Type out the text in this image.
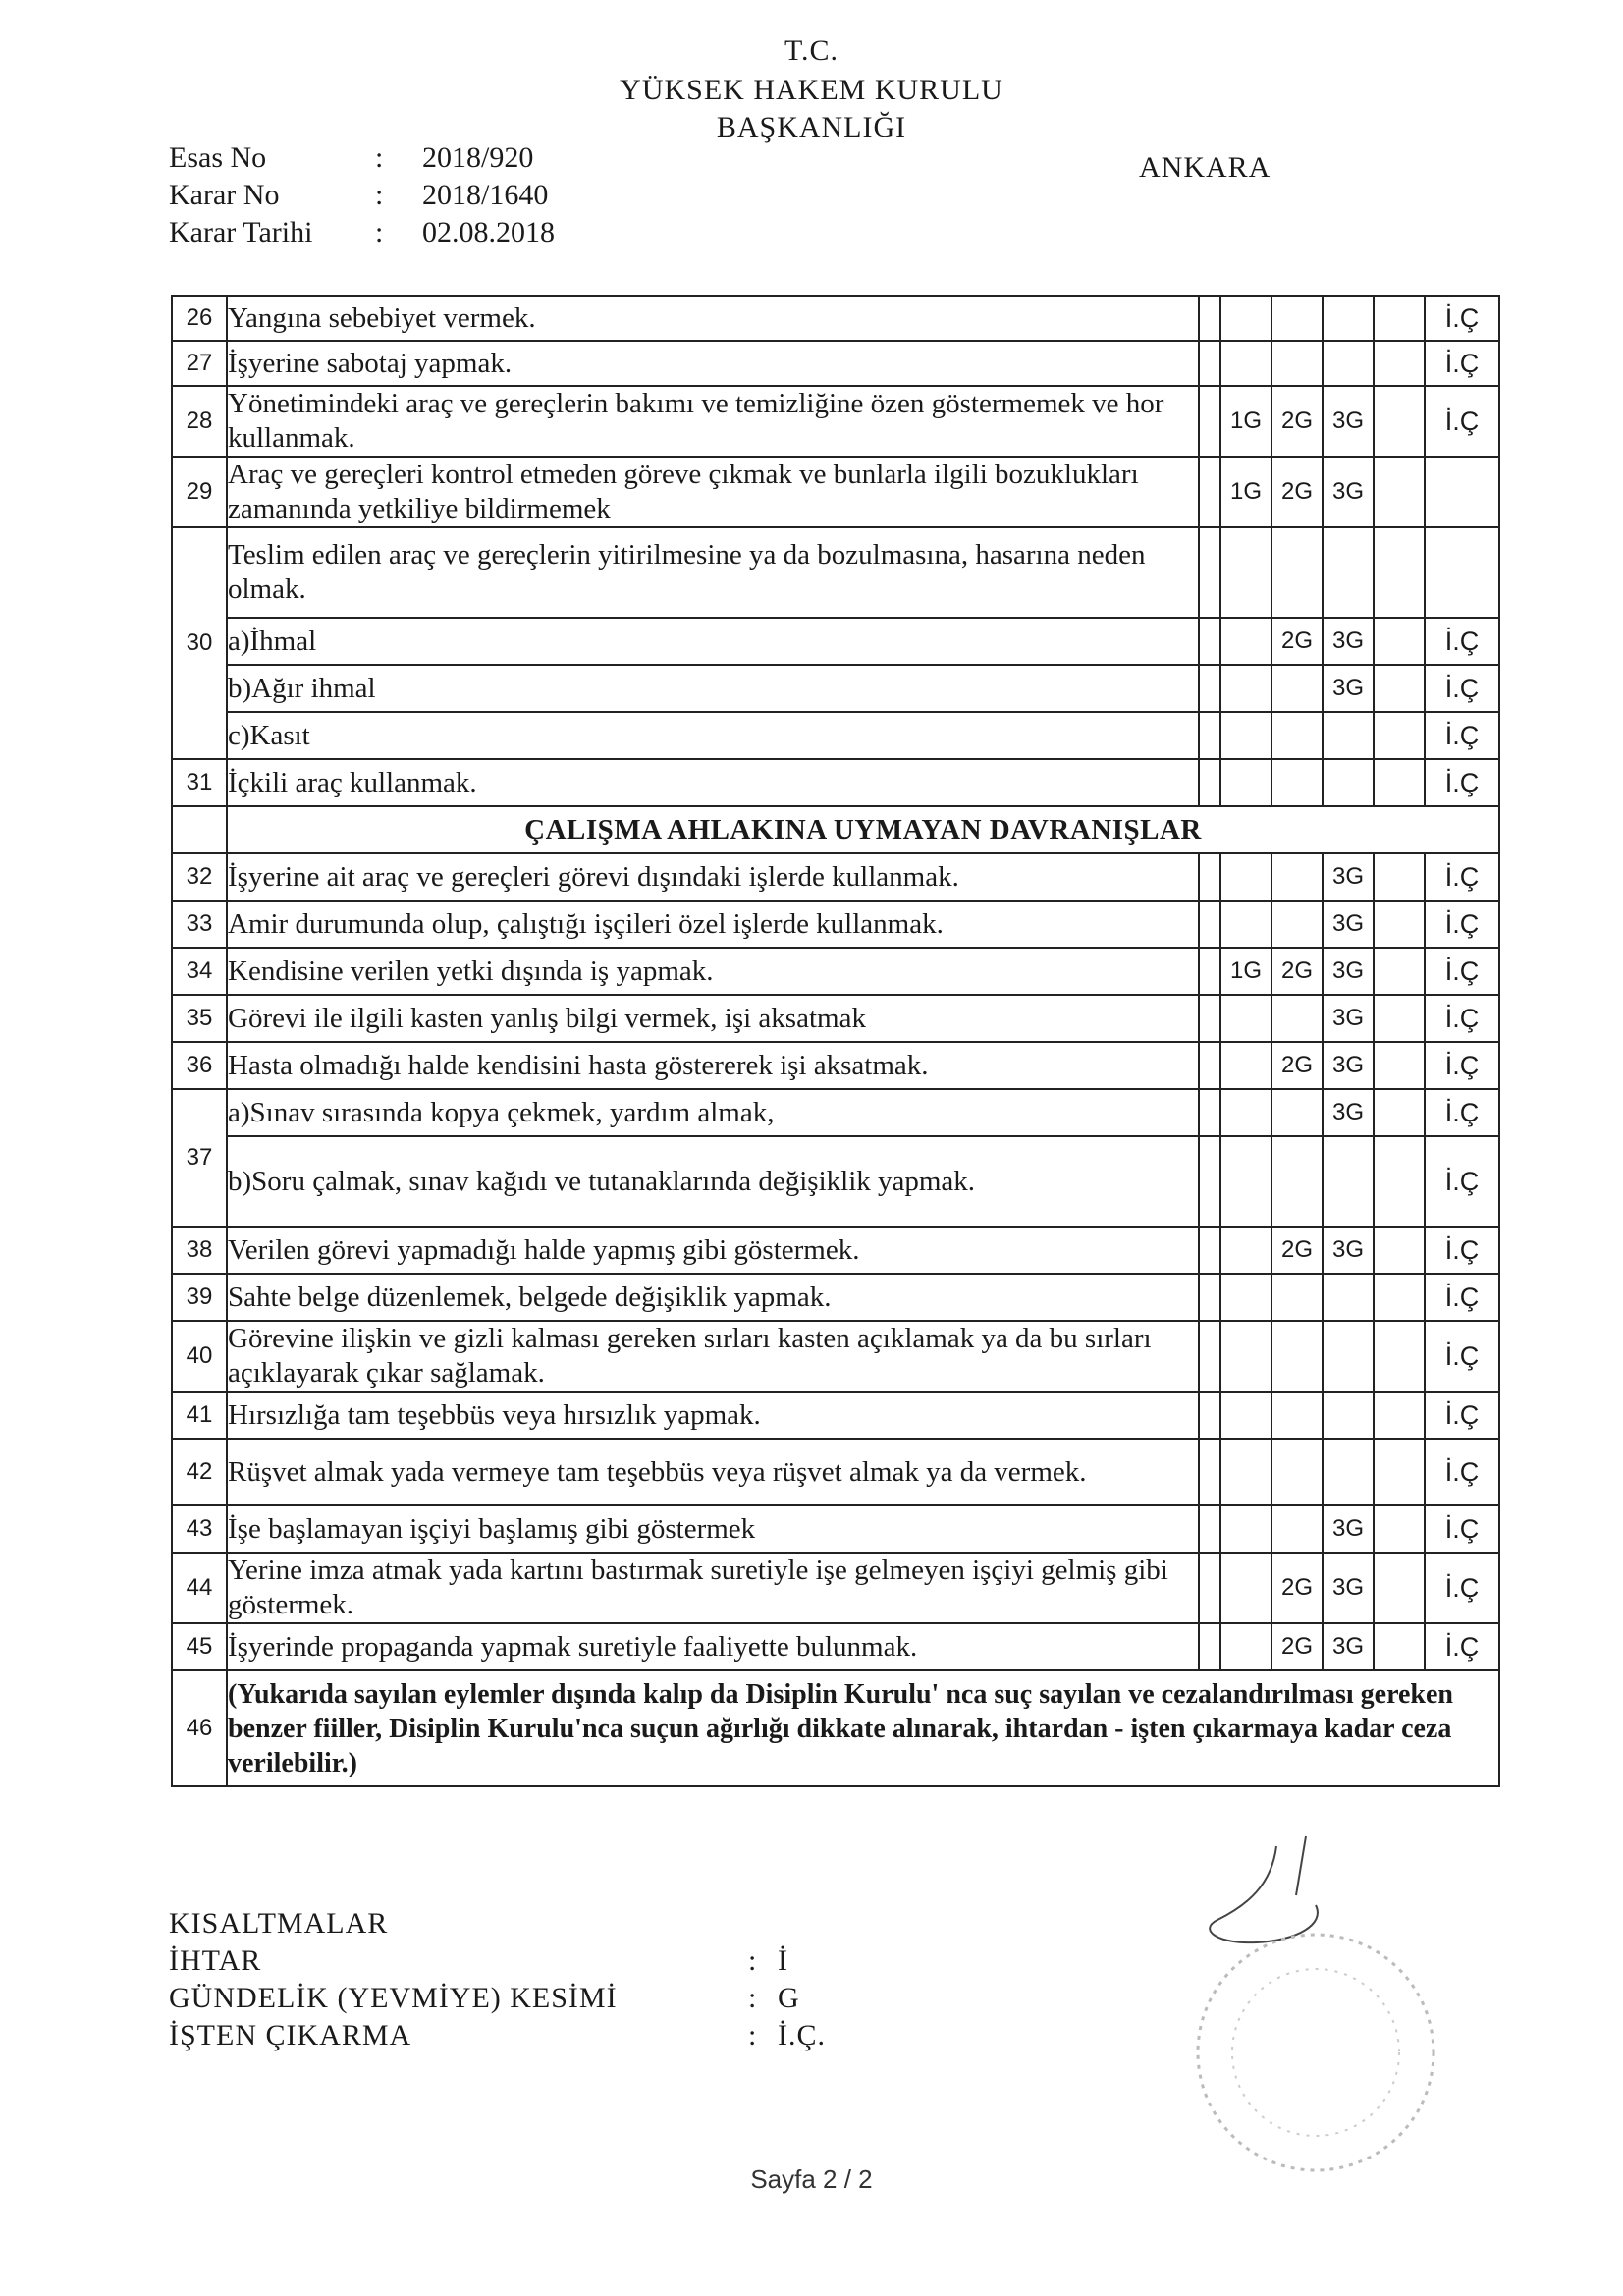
T.C.
YÜKSEK HAKEM KURULU
BAŞKANLIĞI
Esas No	:	2018/920
Karar No	:	2018/1640
Karar Tarihi	:	02.08.2018
ANKARA
26	Yangına sebebiyet vermek.						İ.Ç
27	İşyerine sabotaj yapmak.						İ.Ç
28	Yönetimindeki araç ve gereçlerin bakımı ve temizliğine özen göstermemek ve hor kullanmak.		1G	2G	3G		İ.Ç
29	Araç ve gereçleri kontrol etmeden göreve çıkmak ve bunlarla ilgili bozuklukları zamanında yetkiliye bildirmemek		1G	2G	3G		
30	Teslim edilen araç ve gereçlerin yitirilmesine ya da bozulmasına, hasarına neden olmak.						
	a)İhmal			2G	3G		İ.Ç
	b)Ağır ihmal				3G		İ.Ç
	c)Kasıt						İ.Ç
31	İçkili araç kullanmak.						İ.Ç
	ÇALIŞMA AHLAKINA UYMAYAN DAVRANIŞLAR						
32	İşyerine ait araç ve gereçleri görevi dışındaki işlerde kullanmak.				3G		İ.Ç
33	Amir durumunda olup, çalıştığı işçileri özel işlerde kullanmak.				3G		İ.Ç
34	Kendisine verilen yetki dışında iş yapmak.		1G	2G	3G		İ.Ç
35	Görevi ile ilgili kasten yanlış bilgi vermek, işi aksatmak				3G		İ.Ç
36	Hasta olmadığı halde kendisini hasta göstererek işi aksatmak.			2G	3G		İ.Ç
37	a)Sınav sırasında kopya çekmek, yardım almak,				3G		İ.Ç
	b)Soru çalmak, sınav kağıdı ve tutanaklarında değişiklik yapmak.						İ.Ç
38	Verilen görevi yapmadığı halde yapmış gibi göstermek.			2G	3G		İ.Ç
39	Sahte belge düzenlemek, belgede değişiklik yapmak.						İ.Ç
40	Görevine ilişkin ve gizli kalması gereken sırları kasten açıklamak ya da bu sırları açıklayarak çıkar sağlamak.						İ.Ç
41	Hırsızlığa tam teşebbüs veya hırsızlık yapmak.						İ.Ç
42	Rüşvet almak yada vermeye tam teşebbüs veya rüşvet almak ya da vermek.						İ.Ç
43	İşe başlamayan işçiyi başlamış gibi göstermek				3G		İ.Ç
44	Yerine imza atmak yada kartını bastırmak suretiyle işe gelmeyen işçiyi gelmiş gibi göstermek.			2G	3G		İ.Ç
45	İşyerinde propaganda yapmak suretiyle faaliyette bulunmak.			2G	3G		İ.Ç
46	(Yukarıda sayılan eylemler dışında kalıp da Disiplin Kurulu' nca suç sayılan ve cezalandırılması gereken benzer fiiller, Disiplin Kurulu'nca suçun ağırlığı dikkate alınarak, ihtardan - işten çıkarmaya kadar ceza verilebilir.)						
KISALTMALAR
İHTAR	: İ
GÜNDELİK (YEVMİYE) KESİMİ	: G
İŞTEN ÇIKARMA	: İ.Ç.
Sayfa 2 / 2
